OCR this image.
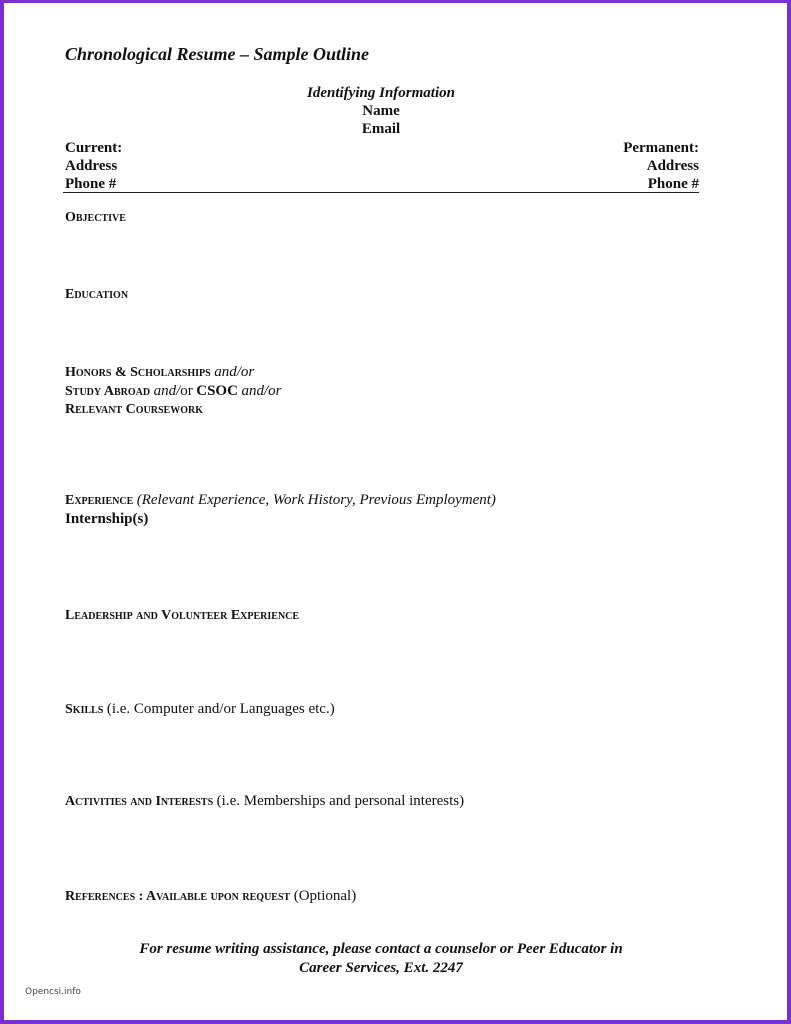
Chronological Resume – Sample Outline
Identifying Information
Name
Email
Current:
Address
Phone #
Permanent:
Address
Phone #
Objective
Education
Honors & Scholarships and/or
Study Abroad and/or CSOC and/or
Relevant Coursework
Experience (Relevant Experience, Work History, Previous Employment)
Internship(s)
Leadership and Volunteer Experience
Skills (i.e. Computer and/or Languages etc.)
Activities and Interests (i.e. Memberships and personal interests)
References : Available upon request (Optional)
For resume writing assistance, please contact a counselor or Peer Educator in
Career Services, Ext. 2247
Opencsi.info
